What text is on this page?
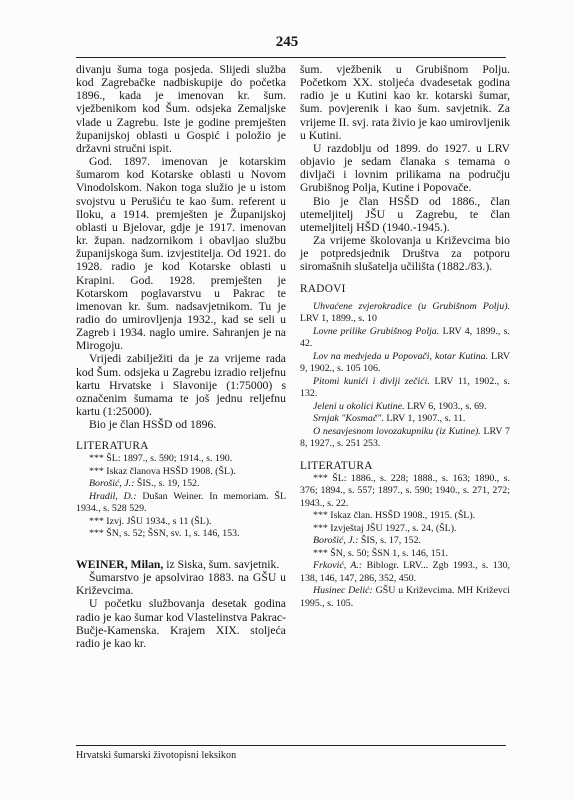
245

divanju šuma toga posjeda. Slijedi služba kod Zagrebačke nadbiskupije do početka 1896., kada je imenovan kr. šum. vježbenikom kod Šum. odsjeka Zemaljske vlade u Zagrebu. Iste je godine premješten županijskoj oblasti u Gospić i položio je državni stručni ispit.

God. 1897. imenovan je kotarskim šumarom kod Kotarske oblasti u Novom Vinodolskom. Nakon toga služio je u istom svojstvu u Perušiću te kao šum. referent u Iloku, a 1914. premješten je Županijskoj oblasti u Bjelovar, gdje je 1917. imenovan kr. župan. nadzornikom i obavljao službu županijskoga šum. izvjestitelja. Od 1921. do 1928. radio je kod Kotarske oblasti u Krapini. God. 1928. premješten je Kotarskom poglavarstvu u Pakrac te imenovan kr. šum. nadsavjetnikom. Tu je radio do umirovljenja 1932., kad se seli u Zagreb i 1934. naglo umire. Sahranjen je na Mirogoju.

Vrijedi zabilježiti da je za vrijeme rada kod Šum. odsjeka u Zagrebu izradio reljefnu kartu Hrvatske i Slavonije (1:75000) s označenim šumama te još jednu reljefnu kartu (1:25000).

Bio je član HSŠD od 1896.

LITERATURA

*** ŠL: 1897., s. 590; 1914., s. 190.

*** Iskaz članova HSŠD 1908. (ŠL).

Borošić, J.: ŠIS., s. 19, 152.

Hradil, D.: Dušan Weiner. In memoriam. ŠL 1934., s. 528 529.

*** Izvj. JŠU 1934., s 11 (ŠL).

*** ŠN, s. 52; ŠSN, sv. 1, s. 146, 153.

WEINER, Milan, iz Siska, šum. savjetnik.

Šumarstvo je apsolvirao 1883. na GŠU u Križevcima.

U početku službovanja desetak godina radio je kao šumar kod Vlastelinstva Pakrac-Bučje-Kamenska. Krajem XIX. stoljeća radio je kao kr.

šum. vježbenik u Grubišnom Polju. Početkom XX. stoljeća dvadesetak godina radio je u Kutini kao kr. kotarski šumar, šum. povjerenik i kao šum. savjetnik. Za vrijeme II. svj. rata živio je kao umirovljenik u Kutini.

U razdoblju od 1899. do 1927. u LRV objavio je sedam članaka s temama o divljači i lovnim prilikama na području Grubišnog Polja, Kutine i Popovače.

Bio je član HSŠD od 1886., član utemeljitelj JŠU u Zagrebu, te član utemeljitelj HŠD (1940.-1945.).

Za vrijeme školovanja u Križevcima bio je potpredsjednik Društva za potporu siromašnih slušatelja učilišta (1882./83.).

RADOVI

Uhvaćene zvjerokradice (u Grubišnom Polju). LRV 1, 1899., s. 10

Lovne prilike Grubišnog Polja. LRV 4, 1899., s. 42.

Lov na medvjeda u Popovači, kotar Kutina. LRV 9, 1902., s. 105 106.

Pitomi kunići i divlji zečići. LRV 11, 1902., s. 132.

Jeleni u okolici Kutine. LRV 6, 1903., s. 69.

Srnjak "Kosmač". LRV 1, 1907., s. 11.

O nesavjesnom lovozakupniku (iz Kutine). LRV 7 8, 1927., s. 251 253.

LITERATURA

*** ŠL: 1886., s. 228; 1888., s. 163; 1890., s. 376; 1894., s. 557; 1897., s. 590; 1940., s. 271, 272; 1943., s. 22.

*** Iskaz član. HSŠD 1908., 1915. (ŠL).

*** Izvještaj JŠU 1927., s. 24, (ŠL).

Borošić, J.: ŠIS, s. 17, 152.

*** ŠN, s. 50; ŠSN 1, s. 146, 151.

Frković, A.: Biblogr. LRV... Zgb 1993., s. 130, 138, 146, 147, 286, 352, 450.

Husinec Delić: GŠU u Križevcima. MH Križevci 1995., s. 105.

Hrvatski šumarski životopisni leksikon
